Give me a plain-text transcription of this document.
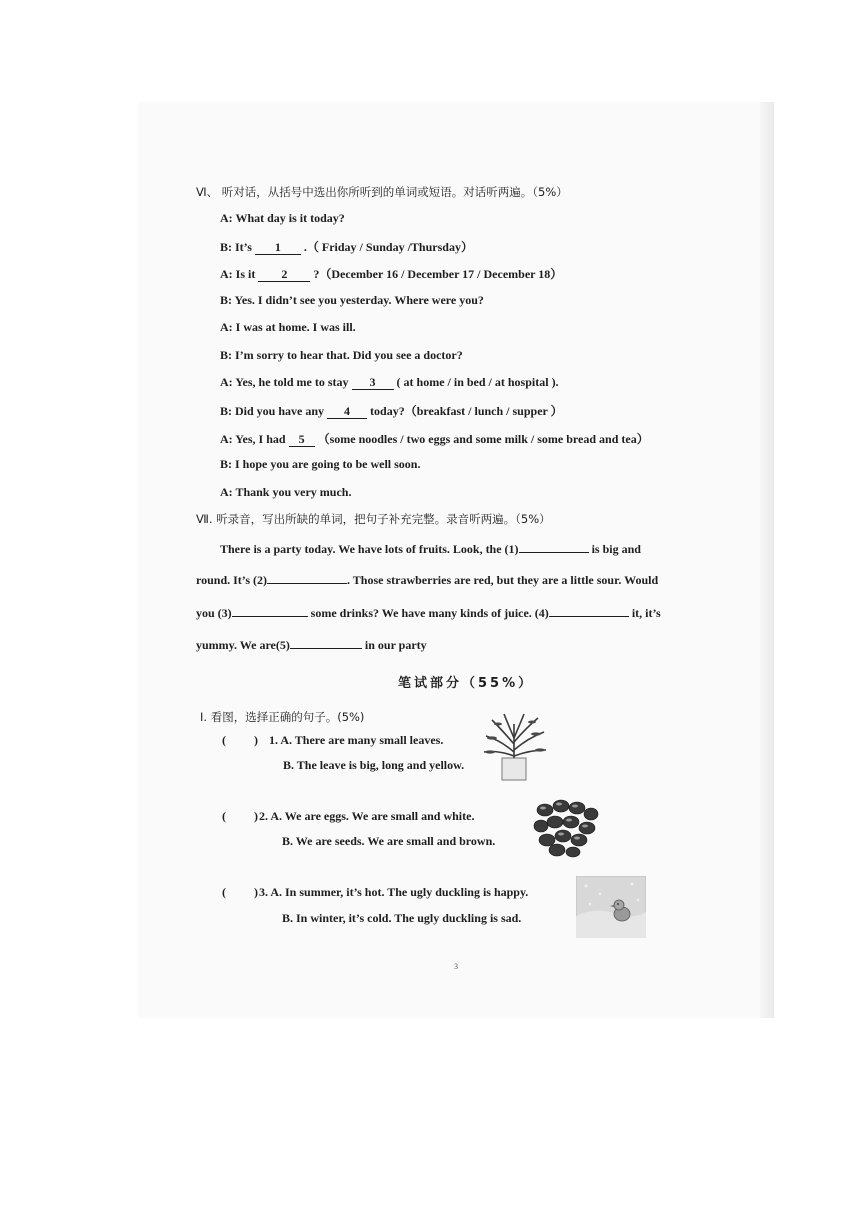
Ⅵ、 听对话，从括号中选出你所听到的单词或短语。对话听两遍。（5%）
A: What day is it today?
B: It’s 1 .（ Friday / Sunday /Thursday）
A: Is it 2 ?（December 16 / December 17 / December 18）
B: Yes. I didn’t see you yesterday. Where were you?
A: I was at home. I was ill.
B: I’m sorry to hear that. Did you see a doctor?
A: Yes, he told me to stay 3 ( at home / in bed / at hospital ).
B: Did you have any 4 today?（breakfast / lunch / supper ）
A: Yes, I had 5 （some noodles / two eggs and some milk / some bread and tea）
B: I hope you are going to be well soon.
A: Thank you very much.
Ⅶ. 听录音，写出所缺的单词，把句子补充完整。录音听两遍。（5%）
There is a party today. We have lots of fruits. Look, the (1)	is big and
round. It’s (2)	. Those strawberries are red, but they are a little sour. Would
you (3)	some drinks? We have many kinds of juice. (4)	it, it’s
yummy. We are(5)	in our party
笔试部分（55%）
Ⅰ. 看图，选择正确的句子。(5%)
( ) 1. A. There are many small leaves.
B. The leave is big, long and yellow.
( ) 2. A. We are eggs. We are small and white.
B. We are seeds. We are small and brown.
( ) 3. A. In summer, it’s hot. The ugly duckling is happy.
B. In winter, it’s cold. The ugly duckling is sad.
3
